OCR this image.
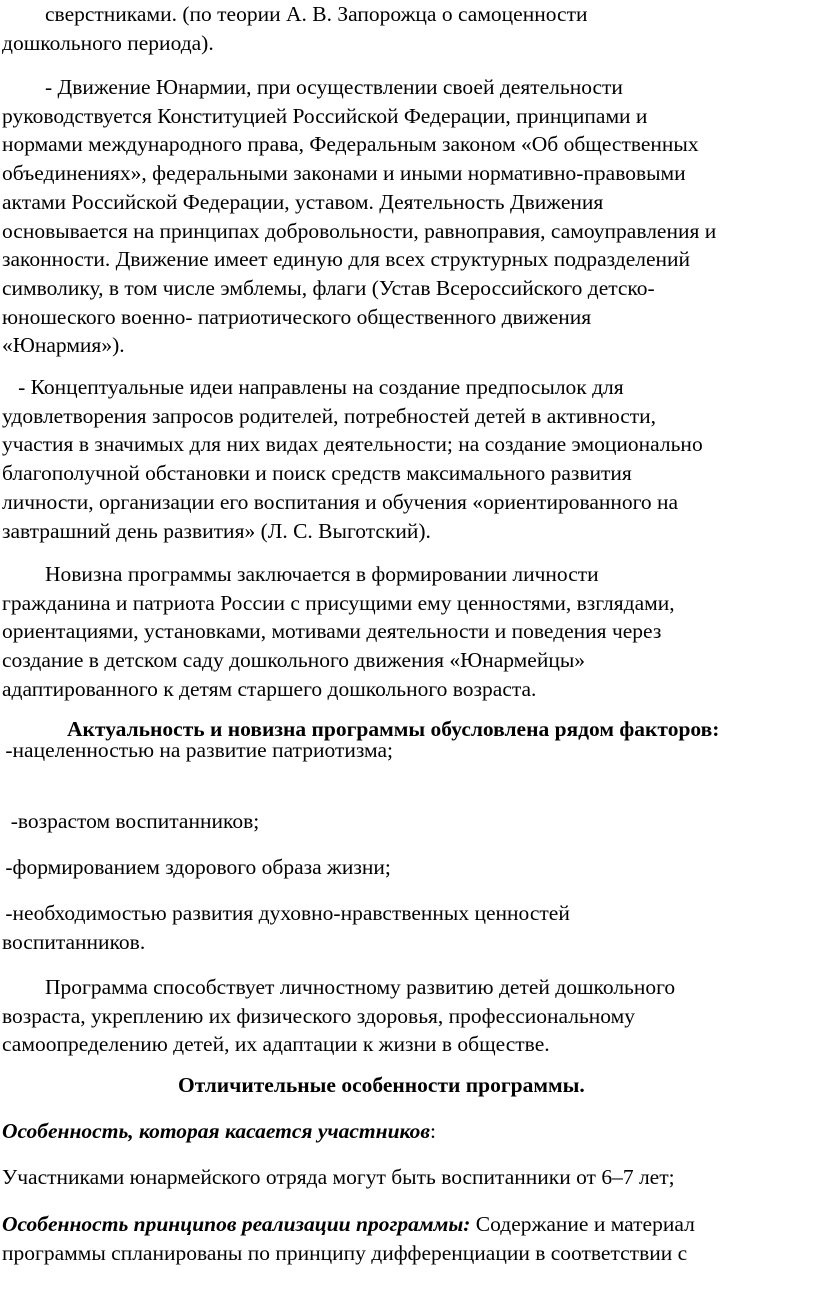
сверстниками. (по теории А. В. Запорожца о самоценности
дошкольного периода).
- Движение Юнармии, при осуществлении своей деятельности
руководствуется Конституцией Российской Федерации, принципами и
нормами международного права, Федеральным законом «Об общественных
объединениях», федеральными законами и иными нормативно-правовыми
актами Российской Федерации, уставом. Деятельность Движения
основывается на принципах добровольности, равноправия, самоуправления и
законности. Движение имеет единую для всех структурных подразделений
символику, в том числе эмблемы, флаги (Устав Всероссийского детско-
юношеского военно- патриотического общественного движения
«Юнармия»).
- Концептуальные идеи направлены на создание предпосылок для
удовлетворения запросов родителей, потребностей детей в активности,
участия в значимых для них видах деятельности; на создание эмоционально
благополучной обстановки и поиск средств максимального развития
личности, организации его воспитания и обучения «ориентированного на
завтрашний день развития» (Л. С. Выготский).
Новизна программы заключается в формировании личности
гражданина и патриота России с присущими ему ценностями, взглядами,
ориентациями, установками, мотивами деятельности и поведения через
создание в детском саду дошкольного движения «Юнармейцы»
адаптированного к детям старшего дошкольного возраста.
Актуальность и новизна программы обусловлена рядом факторов:
-нацеленностью на развитие патриотизма;
-возрастом воспитанников;
-формированием здорового образа жизни;
-необходимостью развития духовно-нравственных ценностей
воспитанников.
Программа способствует личностному развитию детей дошкольного
возраста, укреплению их физического здоровья, профессиональному
самоопределению детей, их адаптации к жизни в обществе.
Отличительные особенности программы.
Особенность, которая касается участников:
Участниками юнармейского отряда могут быть воспитанники от 6–7 лет;
Особенность принципов реализации программы: Содержание и материал
программы спланированы по принципу дифференциации в соответствии с
